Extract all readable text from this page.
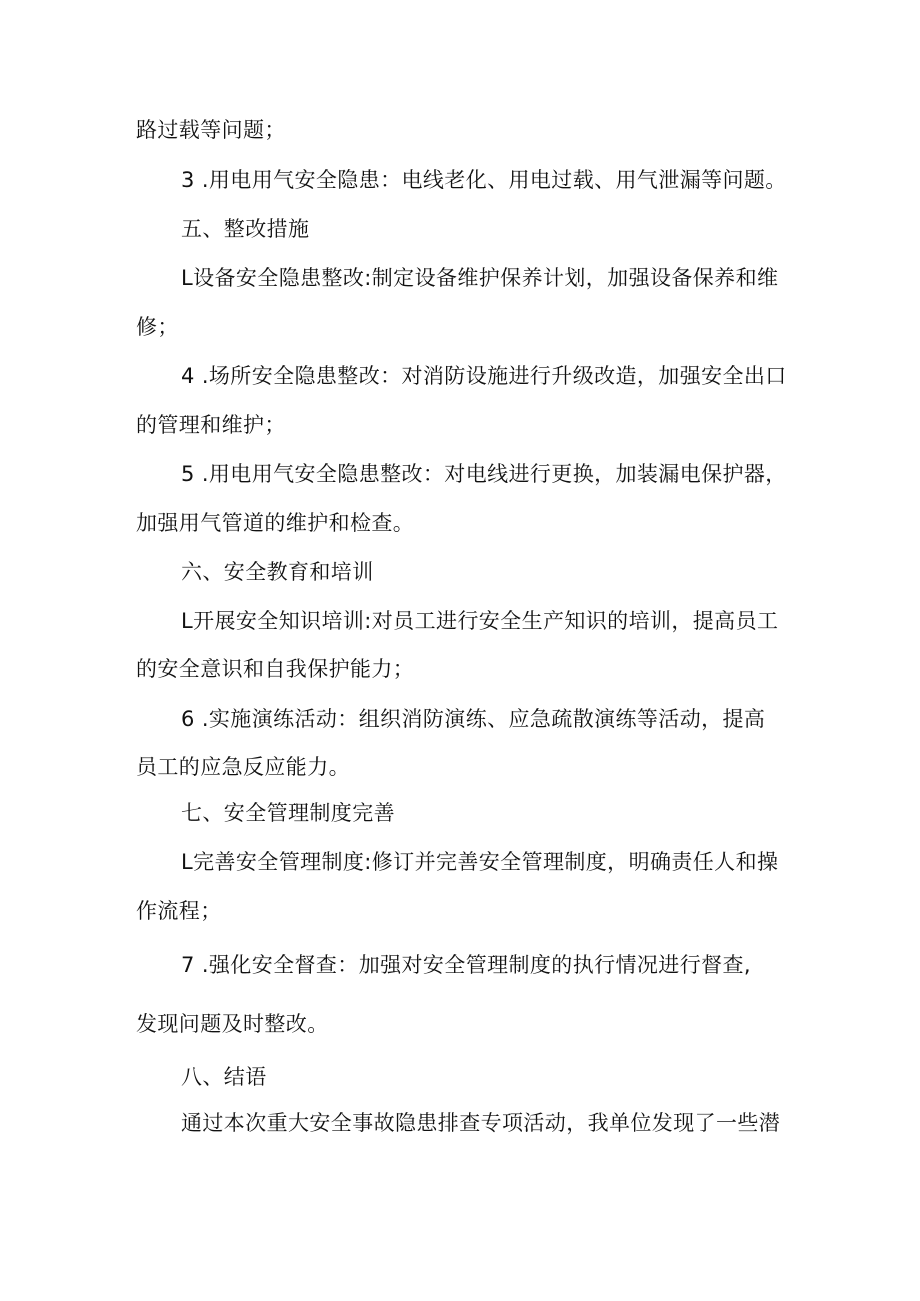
路过载等问题；
3 .用电用气安全隐患：电线老化、用电过载、用气泄漏等问题。
五、整改措施
L设备安全隐患整改:制定设备维护保养计划，加强设备保养和维
修；
4 .场所安全隐患整改：对消防设施进行升级改造，加强安全出口
的管理和维护；
5 .用电用气安全隐患整改：对电线进行更换，加装漏电保护器，
加强用气管道的维护和检查。
六、安全教育和培训
L开展安全知识培训:对员工进行安全生产知识的培训，提高员工
的安全意识和自我保护能力；
6 .实施演练活动：组织消防演练、应急疏散演练等活动，提高
员工的应急反应能力。
七、安全管理制度完善
L完善安全管理制度:修订并完善安全管理制度，明确责任人和操
作流程；
7 .强化安全督查：加强对安全管理制度的执行情况进行督查,
发现问题及时整改。
八、结语
通过本次重大安全事故隐患排查专项活动，我单位发现了一些潜
